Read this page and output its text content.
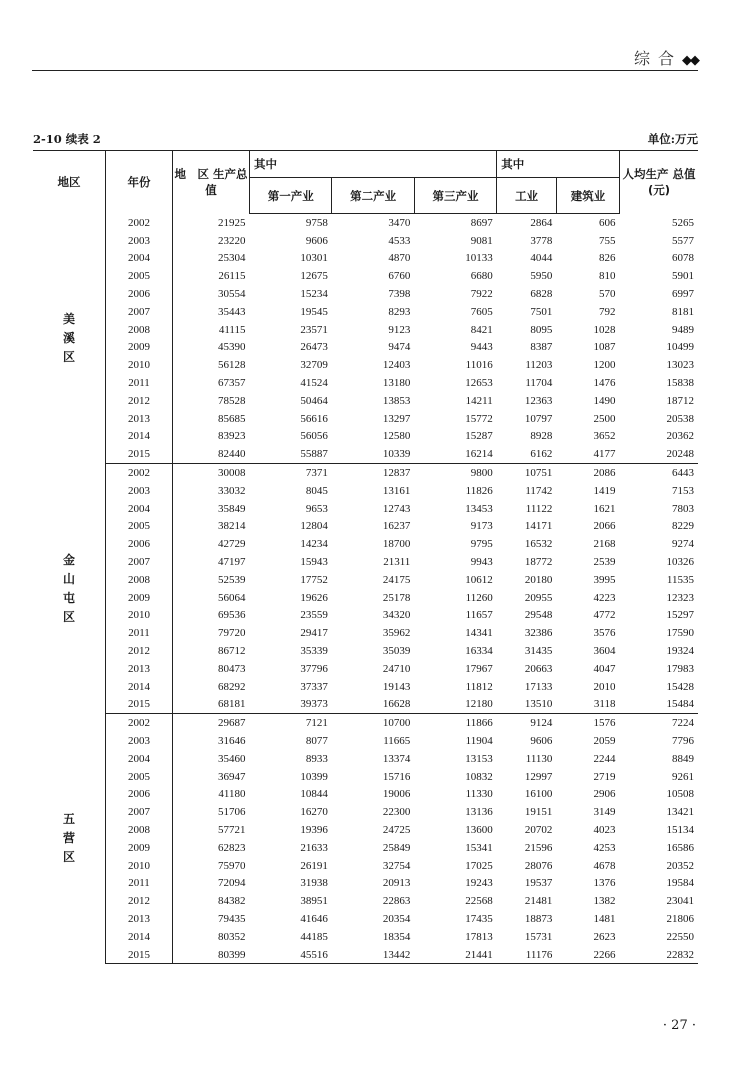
综合◆◆
2-10 续表 2	单位:万元
地区	年份	地　区 生产总值	其中			其中		人均生产 总值(元)
			第一产业	第二产业	第三产业	工业	建筑业	
美溪区	2002	21925	9758	3470	8697	2864	606	5265
	2003	23220	9606	4533	9081	3778	755	5577
	2004	25304	10301	4870	10133	4044	826	6078
	2005	26115	12675	6760	6680	5950	810	5901
	2006	30554	15234	7398	7922	6828	570	6997
	2007	35443	19545	8293	7605	7501	792	8181
	2008	41115	23571	9123	8421	8095	1028	9489
	2009	45390	26473	9474	9443	8387	1087	10499
	2010	56128	32709	12403	11016	11203	1200	13023
	2011	67357	41524	13180	12653	11704	1476	15838
	2012	78528	50464	13853	14211	12363	1490	18712
	2013	85685	56616	13297	15772	10797	2500	20538
	2014	83923	56056	12580	15287	8928	3652	20362
	2015	82440	55887	10339	16214	6162	4177	20248
金山屯区	2002	30008	7371	12837	9800	10751	2086	6443
	2003	33032	8045	13161	11826	11742	1419	7153
	2004	35849	9653	12743	13453	11122	1621	7803
	2005	38214	12804	16237	9173	14171	2066	8229
	2006	42729	14234	18700	9795	16532	2168	9274
	2007	47197	15943	21311	9943	18772	2539	10326
	2008	52539	17752	24175	10612	20180	3995	11535
	2009	56064	19626	25178	11260	20955	4223	12323
	2010	69536	23559	34320	11657	29548	4772	15297
	2011	79720	29417	35962	14341	32386	3576	17590
	2012	86712	35339	35039	16334	31435	3604	19324
	2013	80473	37796	24710	17967	20663	4047	17983
	2014	68292	37337	19143	11812	17133	2010	15428
	2015	68181	39373	16628	12180	13510	3118	15484
五营区	2002	29687	7121	10700	11866	9124	1576	7224
	2003	31646	8077	11665	11904	9606	2059	7796
	2004	35460	8933	13374	13153	11130	2244	8849
	2005	36947	10399	15716	10832	12997	2719	9261
	2006	41180	10844	19006	11330	16100	2906	10508
	2007	51706	16270	22300	13136	19151	3149	13421
	2008	57721	19396	24725	13600	20702	4023	15134
	2009	62823	21633	25849	15341	21596	4253	16586
	2010	75970	26191	32754	17025	28076	4678	20352
	2011	72094	31938	20913	19243	19537	1376	19584
	2012	84382	38951	22863	22568	21481	1382	23041
	2013	79435	41646	20354	17435	18873	1481	21806
	2014	80352	44185	18354	17813	15731	2623	22550
	2015	80399	45516	13442	21441	11176	2266	22832
· 27 ·
